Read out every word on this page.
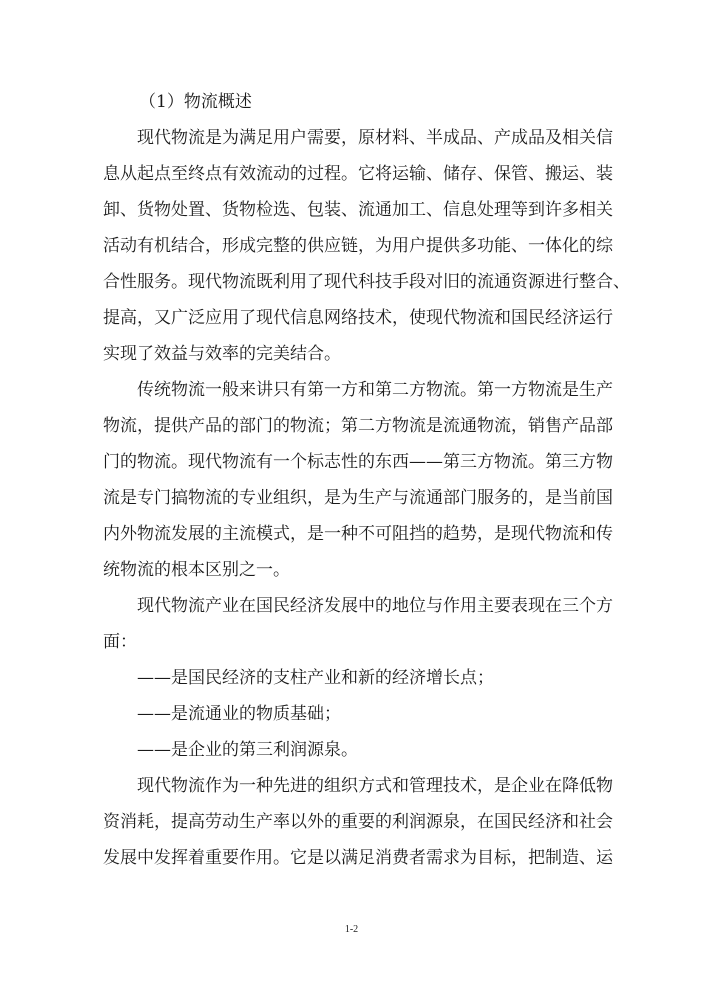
（1）物流概述
现代物流是为满足用户需要，原材料、半成品、产成品及相关信
息从起点至终点有效流动的过程。它将运输、储存、保管、搬运、装
卸、货物处置、货物检选、包装、流通加工、信息处理等到许多相关
活动有机结合，形成完整的供应链，为用户提供多功能、一体化的综
合性服务。现代物流既利用了现代科技手段对旧的流通资源进行整合、
提高，又广泛应用了现代信息网络技术，使现代物流和国民经济运行
实现了效益与效率的完美结合。
传统物流一般来讲只有第一方和第二方物流。第一方物流是生产
物流，提供产品的部门的物流；第二方物流是流通物流，销售产品部
门的物流。现代物流有一个标志性的东西——第三方物流。第三方物
流是专门搞物流的专业组织，是为生产与流通部门服务的，是当前国
内外物流发展的主流模式，是一种不可阻挡的趋势，是现代物流和传
统物流的根本区别之一。
现代物流产业在国民经济发展中的地位与作用主要表现在三个方
面：
——是国民经济的支柱产业和新的经济增长点；
——是流通业的物质基础；
——是企业的第三利润源泉。
现代物流作为一种先进的组织方式和管理技术，是企业在降低物
资消耗，提高劳动生产率以外的重要的利润源泉，在国民经济和社会
发展中发挥着重要作用。它是以满足消费者需求为目标，把制造、运
1-2
